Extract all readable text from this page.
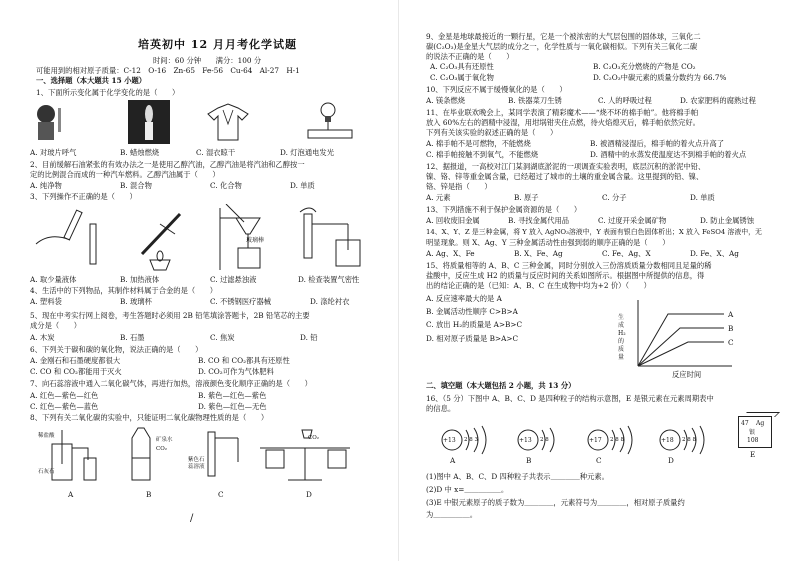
培英初中 12 月月考化学试题
时间：60 分钟　　满分：100 分
可能用到的相对原子质量：C-12　O-16　Zn-65　Fe-56　Cu-64　Al-27　H-1
一、选择题（本大题共 15 小题）
1、下面所示变化属于化学变化的是（　　）
A. 对玻片呼气	B. 蜡烛燃烧	C. 湿衣晾干	D. 灯泡通电发光
2、目前缓解石油紧张的有效办法之一是使用乙醇汽油，乙醇汽油是将汽油和乙醇按一
定的比例混合而成的一种汽车燃料。乙醇汽油属于（　　）
A. 纯净物	B. 混合物	C. 化合物	D. 单质
3、下列操作不正确的是（　　）
玻璃棒
A. 取少量液体	B. 加热液体	C. 过滤悬浊液	D. 检查装置气密性
4、生活中的下列物品，其制作材料属于合金的是（　　）
A. 塑料袋	B. 玻璃杯	C. 不锈钢医疗器械	D. 涤纶衬衣
5、现在中考实行网上阅卷，考生答题时必须用 2B 铅笔填涂答题卡，2B 铅笔芯的主要
成分是（　　）
A. 木炭	B. 石墨	C. 焦炭	D. 铅
6、下列关于碳和碳的氧化物，说法正确的是（　　）
A. 金刚石和石墨硬度都很大	B. CO 和 CO₂都具有还原性
C. CO 和 CO₂都能用于灭火	D. CO₂可作为气体肥料
7、向石蕊溶液中通入二氧化碳气体，再进行加热，溶液颜色变化顺序正确的是（　　）
A. 红色—紫色—红色	B. 紫色—红色—紫色
C. 红色—紫色—蓝色	D. 紫色—红色—无色
8、下列有关二氧化碳的实验中，只能证明二氧化碳物理性质的是（　　）
稀盐酸
石灰石
矿泉水
CO₂
紫色石
蕊溶液
CO₂
A	B	C	D
/
9、金星是地球最接近的一颗行星，它是一个被浓密的大气层包围的固体球，三氧化二
碳(C₂O₃)是金星大气层的成分之一，化学性质与一氧化碳相似。下列有关三氧化二碳
的说法不正确的是（　　）
A. C₂O₃具有还原性	B. C₂O₃充分燃烧的产物是 CO₂
C. C₂O₃属于氧化物	D. C₂O₃中碳元素的质量分数约为 66.7%
10、下列反应不属于缓慢氧化的是（　　）
A. 镁条燃烧	B. 铁器菜刀生锈	C. 人的呼吸过程	D. 农家肥料的腐熟过程
11、在毕业联欢晚会上，某同学表演了精彩魔术——“烧不坏的棉手帕”。他将棉手帕
放入 60%左右的酒精中浸湿，用坩埚钳夹住点燃，待火焰熄灭后，棉手帕依然完好。
下列有关该实验的叙述正确的是（　　）
A. 棉手帕不是可燃物，不能燃烧	B. 被酒精浸湿后，棉手帕的着火点升高了
C. 棉手帕接触不到氧气，不能燃烧	D. 酒精中的水蒸发使温度达不到棉手帕的着火点
12、据报道，一高校对江门某洞湖底淤泥的一项调查实验表明，底层沉积的淤泥中铅、
镍、铬、锌等重金属含量，已经超过了城市的土壤的重金属含量。这里提到的铅、镍、
铬、锌是指（　　）
A. 元素	B. 原子	C. 分子	D. 单质
13、下列措施不利于保护金属资源的是（　　）
A. 回收废旧金属	B. 寻找金属代用品	C. 过度开采金属矿物	D. 防止金属锈蚀
14、X、Y、Z 是三种金属，将 Y 放入 AgNO₃溶液中，Y 表面有银白色固体析出；X 放入 FeSO4 溶液中，无
明显现象。则 X、Ag、Y 三种金属活动性由强到弱的顺序正确的是（　　）
A. Ag、X、Fe	B. X、Fe、Ag	C. Fe、Ag、X	D. Fe、X、Ag
15、将质量相等的 A、B、C 三种金属，同时分别放入三份溶质质量分数相同且足量的稀
盐酸中，反应生成 H2 的质量与反应时间的关系如图所示。根据图中所提供的信息，得
出的结论正确的是（已知：A、B、C 在生成物中均为+2 价）（　　）
A. 反应速率最大的是 A
B. 金属活动性顺序 C>B>A
C. 放出 H₂的质量是 A>B>C
D. 相对原子质量是 B>A>C
生
成
H₂
的
质
量
A
B
C
反应时间
二、填空题（本大题包括 2 小题，共 13 分）
16、（5 分）下图中 A、B、C、D 是四种粒子的结构示意图，E 是银元素在元素周期表中
的信息。
+13 2 8 3
A
+13 2 8
B
+17 2 8 8
C
+18 2 8 8
D
47 Ag
银
108
E
(1)图中 A、B、C、D 四种粒子共表示＿＿＿＿种元素。
(2)D 中 x=＿＿＿＿＿。
(3)E 中银元素原子的质子数为＿＿＿＿，元素符号为＿＿＿＿，相对原子质量约
为＿＿＿＿＿。
